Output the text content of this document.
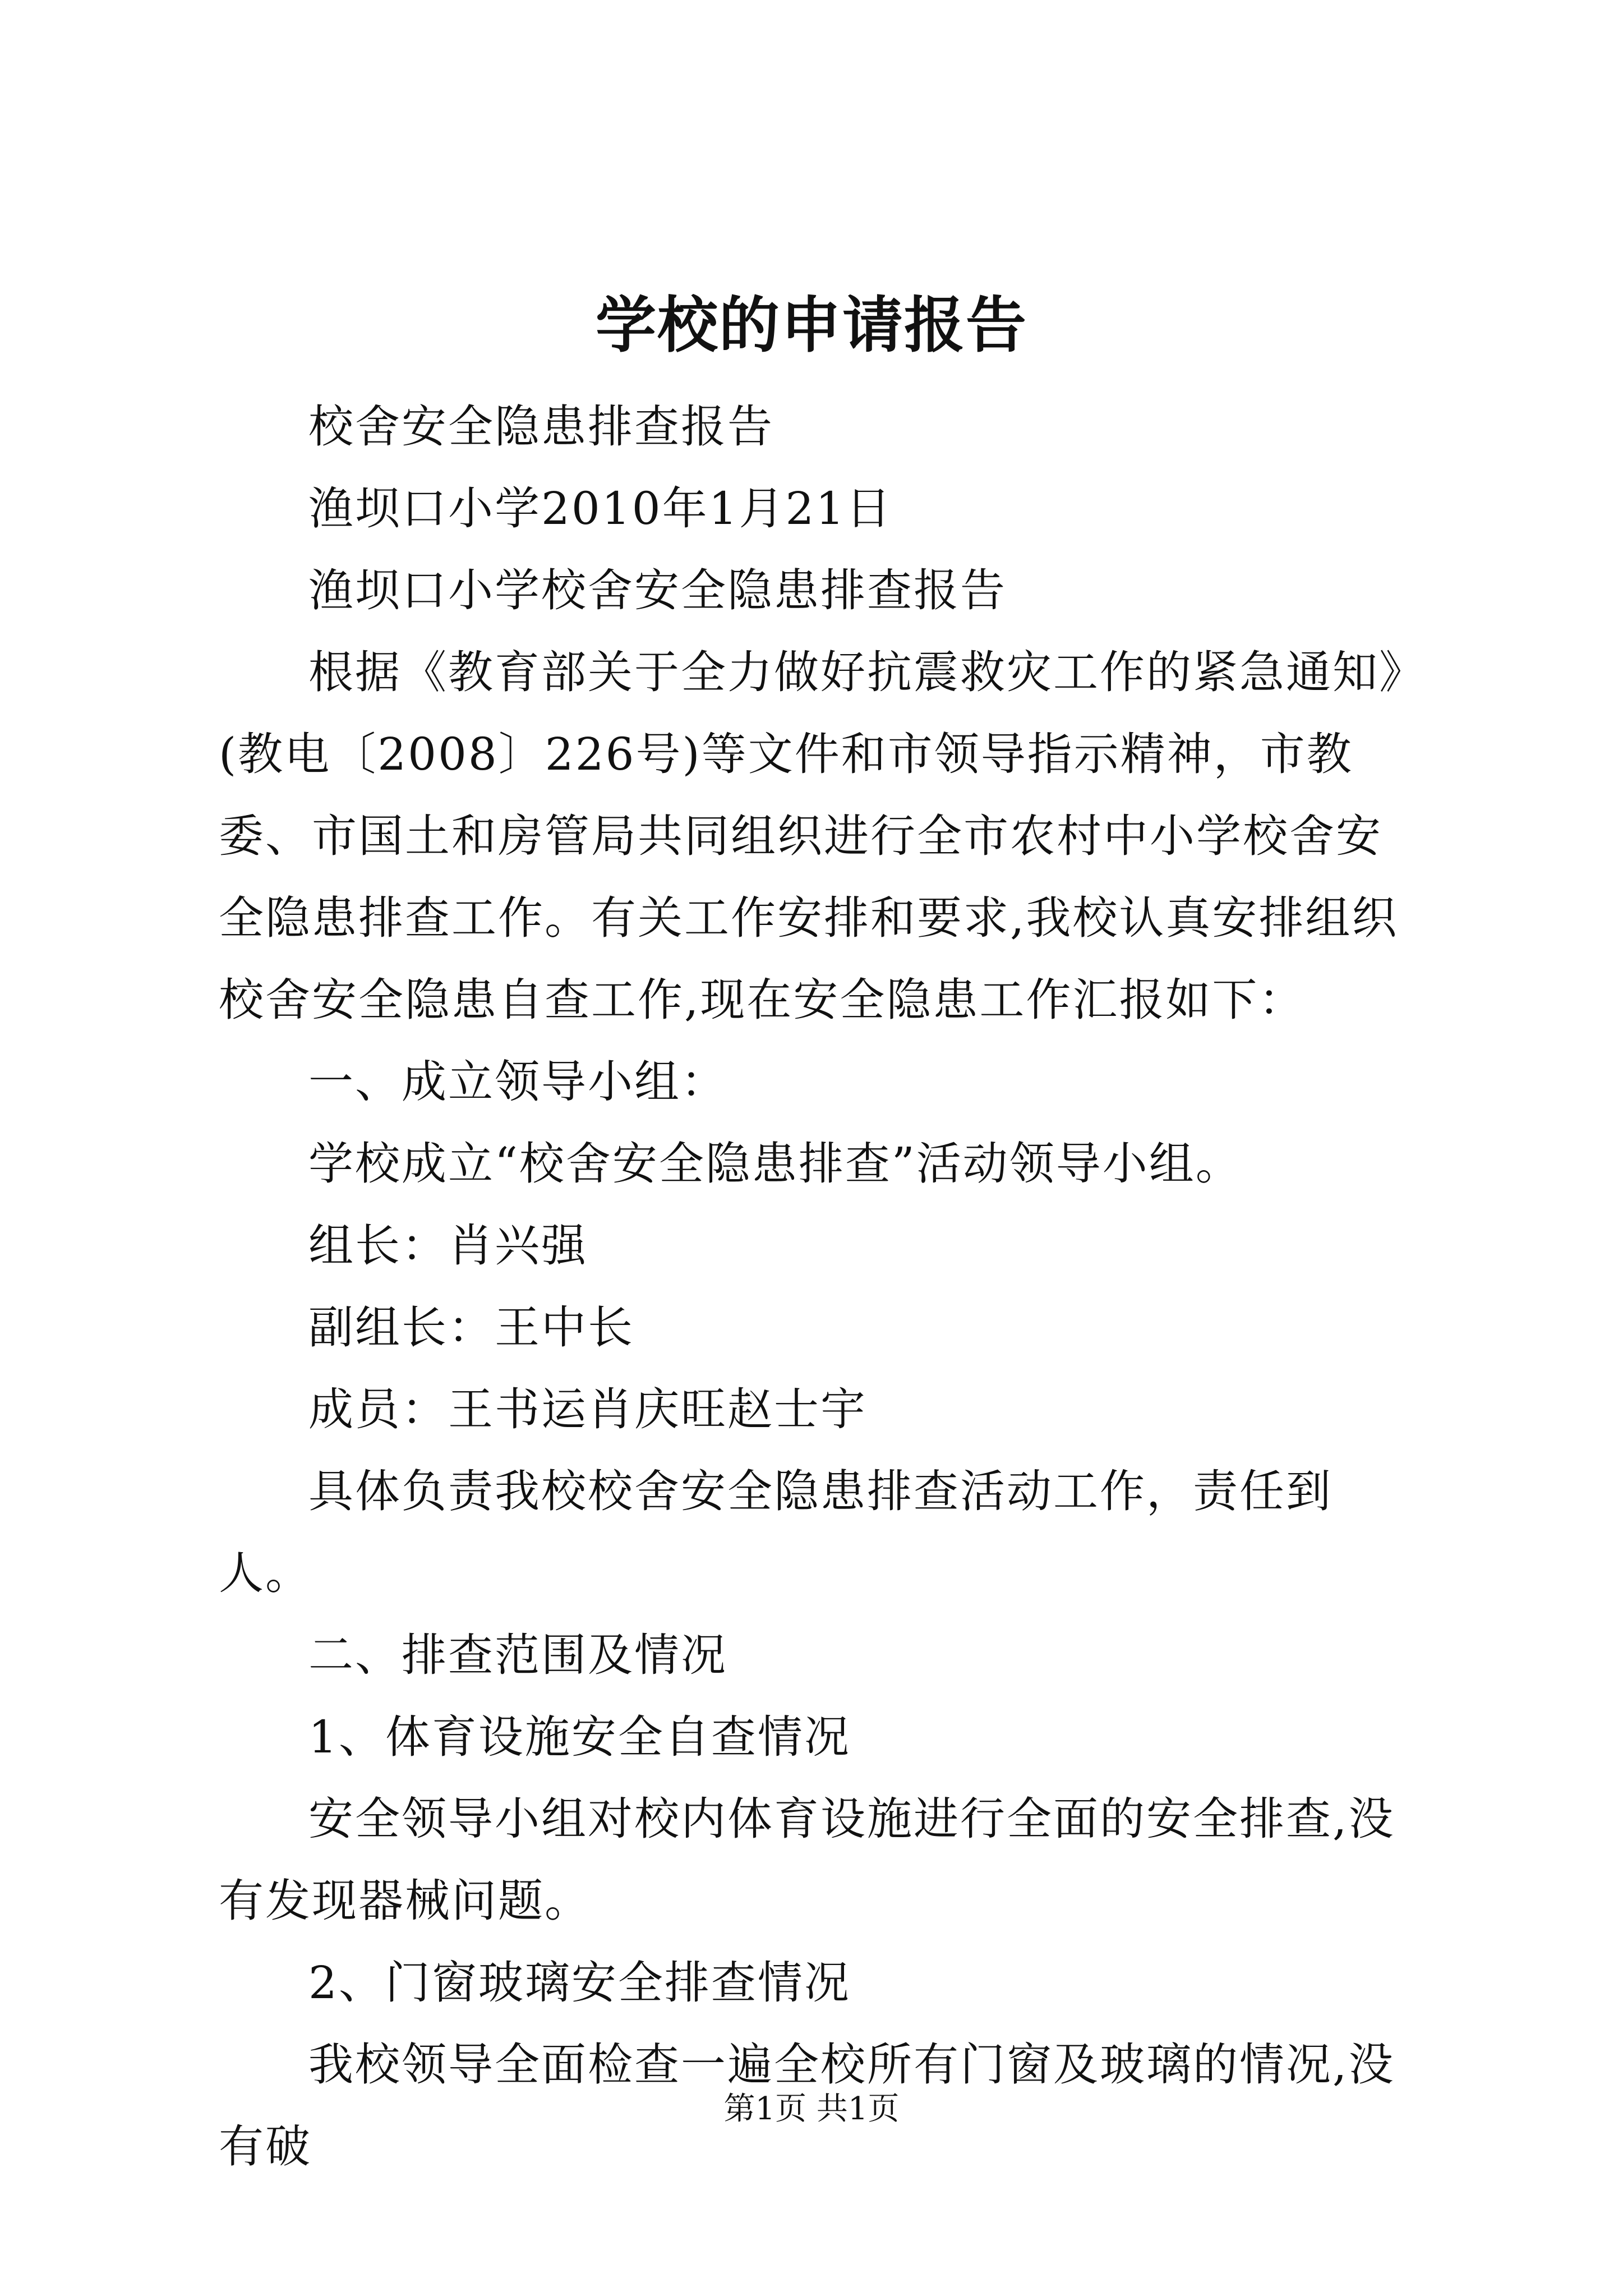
学校的申请报告

校舍安全隐患排查报告

渔坝口小学2010年1月21日

渔坝口小学校舍安全隐患排查报告

根据《教育部关于全力做好抗震救灾工作的紧急通知》(教电〔2008〕226号)等文件和市领导指示精神，市教委、市国土和房管局共同组织进行全市农村中小学校舍安全隐患排查工作。有关工作安排和要求,我校认真安排组织校舍安全隐患自查工作,现在安全隐患工作汇报如下：

一、成立领导小组：

学校成立“校舍安全隐患排查”活动领导小组。

组长：肖兴强

副组长：王中长

成员：王书运肖庆旺赵士宇

具体负责我校校舍安全隐患排查活动工作，责任到人。

二、排查范围及情况

1、体育设施安全自查情况

安全领导小组对校内体育设施进行全面的安全排查,没有发现器械问题。

2、门窗玻璃安全排查情况

我校领导全面检查一遍全校所有门窗及玻璃的情况,没有破

第1页 共1页
